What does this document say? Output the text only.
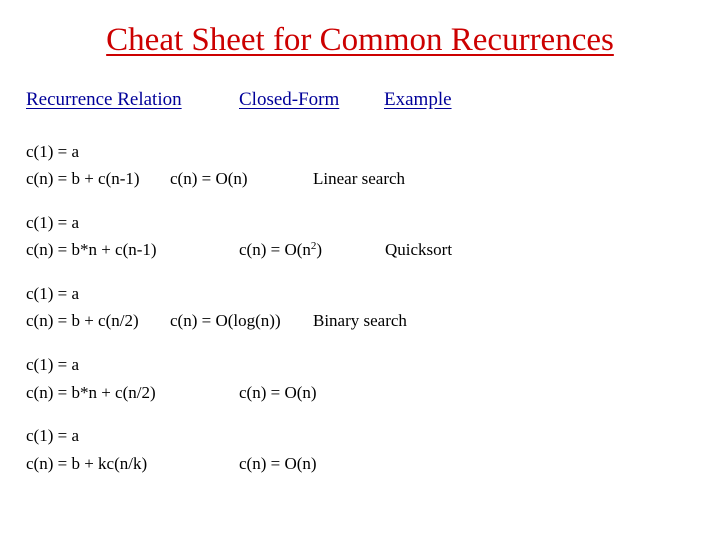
Cheat Sheet for Common Recurrences
Recurrence Relation	Closed-Form Example
c(1) = a
c(n) = b + c(n-1) c(n) = O(n)	Linear search
c(1) = a
c(n) = b*n + c(n-1)	$c(n) = O(n^2)$	Quicksort
c(1) = a
c(n) = b + c(n/2) c(n) = O(log(n)) Binary search
c(1) = a
c(n) = b*n + c(n/2)	c(n) = O(n)
c(1) = a
c(n) = b + kc(n/k)	c(n) = O(n)
